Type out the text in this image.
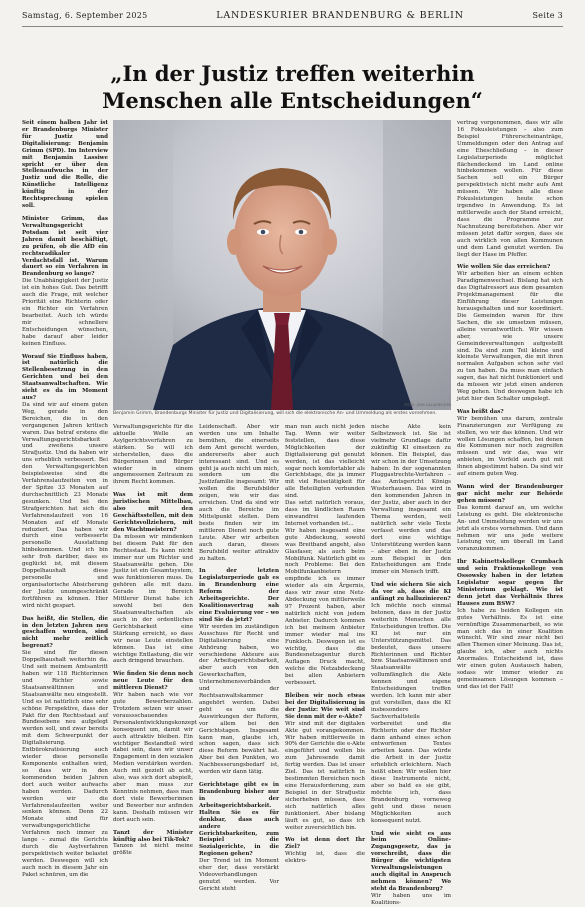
Samstag, 6. September 2025	LANDESKURIER BRANDENBURG & BERLIN	Seite 3
„In der Justiz treffen weiterhin
Menschen alle Entscheidungen“
FOTO: JENS KALAENE/DPA
Benjamin Grimm, Brandenburgs Minister für Justiz und Digitalisierung, will sich die elektronische An- und Ummeldung als erstes vornehmen.

Seit einem halben Jahr ist er Brandenburgs Minister für Justiz und Digitalisierung: Benjamin Grimm (SPD). Im Interview mit Benjamin Lassiwe spricht er über den Stellenaufwuchs in der Justiz und die Rolle, die Künstliche Intelligenz künftig in der Rechtsprechung spielen soll.

Minister Grimm, das Verwaltungsgericht Potsdam ist seit vier Jahren damit beschäftigt, zu prüfen, ob die AfD ein rechtsradikaler Verdachtsfall ist. Warum dauert so ein Verfahren in Brandenburg so lange?

Die Unabhängigkeit der Justiz ist ein hohes Gut. Das betrifft auch die Frage, mit welcher Priorität eine Richterin oder ein Richter ein Verfahren bearbeitet. Auch ich würde mir schnellere Entscheidungen wünschen, habe darauf aber leider keinen Einfluss.

Worauf Sie Einfluss haben, ist natürlich die Stellenbesetzung in den Gerichten und bei den Staatsanwaltschaften. Wie sieht es da im Moment aus?

Da sind wir auf einem guten Weg, gerade in den Bereichen, die in den vergangenen Jahren kritisch waren. Das betraf erstens die Verwaltungsgerichtsbarkeit und zweitens unsere Strafjustiz. Und da haben wir uns erheblich verbessert. Bei den Verwaltungsgerichten beispielsweise sind die Verfahrenslaufzeiten von in der Spitze 33 Monaten auf durchschnittlich 23 Monate gesunken. Und bei den Strafgerichten hat sich die Verfahrenslaufzeit von 16 Monaten auf elf Monate reduziert. Das haben wir durch eine verbesserte personelle Ausstattung hinbekommen. Und ich bin sehr froh darüber, dass es geglückt ist, mit diesem Doppelhaushalt diese personelle und organisatorische Absicherung der Justiz unumgeschränkt fortführen zu können. Hier wird nicht gespart.

Das heißt, die Stellen, die in den letzten Jahren neu geschaffen wurden, sind nicht mehr zeitlich begrenzt?

Sie sind für diesen Doppelhaushalt weiterhin da. Und seit meinem Amtsantritt haben wir 118 Richterinnen und Richter sowie Staatsanwältinnen und Staatsanwälte neu eingestellt. Und es ist natürlich eine sehr schöne Perspektive, dass der Pakt für den Rechtsstaat auf Bundesebene neu aufgelegt werden soll, und zwar bereits mit dem Schwerpunkt der Digitalisierung. Entbürokratisierung auch wieder diese personelle Komponente enthalten wird, so dass wir in den kommenden beiden Jahren dort auch weiter aufwachs haben werden. Dadurch werden wir die Verfahrenslaufzeiten weiter senken können. Denn 22 Monate sind für verwaltungsgerichtliche Verfahren noch immer zu lange – zumal die Gerichte durch die Asylverfahren perspektivisch weiter belastet werden. Deswegen will ich auch noch in diesem Jahr ein Paket schnüren, um die

vertrag vorgenommen, dass wir alle 16 Fokusleistungen – also zum Beispiel Führerscheinanträge, Ummeldungen oder den Antrag auf eine Eheschließung – in dieser Legislaturperiode möglichst flächendeckend im Land online hinbekommen wollen. Für diese Sachen soll ein Bürger perspektivisch nicht mehr aufs Amt müssen. Wir haben alle diese Fokusleistungen heute schon irgendwo in Anwendung. Es ist mittlerweile auch der Stand erreicht, dass die Programme zur Nachnutzung bereitstehen. Aber wir müssen jetzt dafür sorgen, dass sie auch wirklich von allen Kommunen und dem Land genutzt werden. Da liegt der Hase im Pfeffer.

Wie wollen Sie das erreichen?

Wir arbeiten hier an einem echten Paradigmenwechsel. Bislang hat sich das Digitalressort aus dem gesamten Projektmanagement für die Einführung dieser Leistungen herausgehalten und nur koordiniert. Die Gemeinden waren für ihre Sachen, die sie umsetzen müssen, alleine verantwortlich. Wir wissen aber, wie unsere Gemeindeverwaltungen aufgestellt sind. Da sind zum Teil kleine und kleinste Verwaltungen, die mit ihren normalen Aufgaben schon sehr viel zu tun haben. Da muss man einfach sagen, das hat nicht funktioniert und da müssen wir jetzt einen anderen Weg gehen. Und deswegen habe ich jetzt hier den Schalter umgelegt.

Was heißt das?

Wir bemühen uns darum, zentrale Finanzierungen zur Verfügung zu stellen, wo wir das können. Und wir wollen Lösungen schaffen, bei denen die Kommunen nur noch zugreifen müssen und wir das, was wir anbieten, im Vorfeld auch gut mit ihnen abgestimmt haben. Da sind wir auf einem guten Weg.

Wann wird der Brandenburger gar nicht mehr zur Behörde gehen müssen?

Das kommt darauf an, um welche Leistung es geht. Die elektronische An- und Ummeldung werden wir uns jetzt als erstes vornehmen. Und dann nehmen wir uns jede weitere Leistung vor, um überall im Land voranzukommen.

Ihr Kabinettskollege Crumbach und sein Fraktionskollege von Ossowsky haben in der letzten Legislatur sogar gegen Ihr Ministerium geklagt. Wie ist denn jetzt das Verhältnis Ihres Hauses zum BSW?

Ich habe zu beiden Kollegen ein gutes Verhältnis. Es ist eine vernünftige Zusammenarbeit, so wie man sich das in einer Koalition wünscht. Wir sind zwar nicht bei allen Themen einer Meinung. Das ist, glaube ich, aber auch nichts Anormales. Entscheidend ist, dass wir einen guten Austausch haben, sodass wir immer wieder zu gemeinsamen Lösungen kommen – und das ist der Fall!

Verwaltungsgerichte für die aktuelle Welle an Asylgerichtsverfahren zu stärken. So will ich sicherstellen, dass die Bürgerinnen und Bürger wieder in einem angemessenen Zeitraum zu ihrem Recht kommen.

Was ist mit dem juristischen Mittelbau, also mit den Geschäftsstellen, mit den Gerichtsvollziehern, mit den Wachtmeistern?

Da müssen wir mindenken bei diesem Pakt für den Rechtsstaat. Es kann nicht immer nur um Richter und Staatsanwälte gehen. Die Justiz ist ein Gesamtsystem, was funktionieren muss. Da gehören alle mit dazu. Gerade im Bereich Mittlerer Dienst habe ich sowohl bei den Staatsanwaltschaften als auch in der ordentlichen Gerichtsbarkeit eine Stärkung erreicht, so dass wir neue Leute einstellen können. Das ist eine wichtige Entlastung, die wir auch dringend brauchen.

Wie finden Sie denn noch neue Leute für den mittleren Dienst?

Wir haben nach wie vor gute Bewerberzahlen. Trotzdem setzen wir unser voraussschauendes Personalentwicklungskonzept konsequent um, damit wir auch attraktiv bleiben. Ein wichtiger Bestandteil wird dabei sein, dass wir unser Engagement in den sozialen Medien verstärken werden. Auch mit gezielt ab acht, also, was sich dort abspielt, aber man muss zur Kenntnis nehmen, dass man dort viele Bewerberinnen und Bewerber nur anfinden kann. Deshalb müssen wir dort auch sein.

Tanzt der Minister künftig also bei Tik-Tok?

Tanzen ist nicht meine größte

Leidenschaft. Aber wir werden uns um Inhalte bemühen, die einerseits dem Amt gerecht werden, andererseits aber auch interessant sind. Und es geht ja auch nicht um mich, sondern um die Justizfamilie insgesamt: Wir wollen die Berufsbilder zeigen, wie wir das erreichen. Und da sind wir auch die Bereiche im Mittelpunkt stellen. Dem beste finden wir im mittleren Dienst noch gute Leute. Aber wir arbeiten auch daran, dieses Berufsbild weiter attraktiv zu halten.

In der letzten Legislaturperiode gab es in Brandenburg eine Reform der Arbeitsgerichte. Der Koalitionsvertrag sah eine Evaluierung vor – wo sind Sie da jetzt?

Wir werden im zuständigen Ausschuss für Recht und Digitalisierung eine Anhörung haben, wo verschiedene Akteure aus der Arbeitsgerichtsbarkeit, aber auch von den Gewerkschaften, Unternehmensverbänden und der Rechtsanwaltskammer angehört werden. Dabei geht es um die Auswirkungen der Reform, vor allem bei den Gerichtstagen. Insgesamt kann man, glaube ich, schon sagen, dass sich diese Reform bewährt hat. Aber bei den Punkten, wo Nachbesserungsbedarf ist, werden wir dann tätig.

Gerichtstage gibt es in Brandenburg bisher nur in der Arbeitsgerichtsbarkeit. Halten Sie es für denkbar, dass auch andere Gerichtsbarkeiten, zum Beispiel die Sozialgerichte, in die Regionen gehen?

Der Trend ist im Moment eher der, dass verstärkt Videoverhandlungen genutzt werden. Vor Gericht steht

man nun auch nicht jeden Tag. Wenn wir weiter feststellen, dass diese Möglichkeiten der Digitalisierung gut genutzt werden, ist das vielleicht sogar noch komfortabler als Gerichtstage, die ja immer mit viel Reisetätigkeit für alle Beteiligten verbunden sind.

Das setzt natürlich voraus, dass im ländlichen Raum einwandfrei laufenden Internet vorhanden ist...

Wir haben insgesamt eine gute Abdeckung, sowohl was Breitband angeht, also Glasfaser, als auch beim Mobilfunk. Natürlich gibt es noch Probleme: Bei den Mobilfunkanbietern empfinde ich es immer wieder als ein Ärgernis, dass wir zwar eine Netz-Abdeckung von mittlerweile 97 Prozent haben, aber natürlich nicht von jedem Anbieter. Dadurch kommen ich bei meinem Anbieter immer wieder mal ins Funkloch. Deswegen ist es wichtig, dass die Bundesnetzagentur durch Auflagen Druck macht, welche die Netzabdeckung bei allen Anbietern verbessert.

Bleiben wir noch etwas bei der Digitalisierung in der Justiz: Wie weit sind Sie denn mit der e-Akte?

Wir sind mit der digitalen Akte gut vorangekommen. Wir haben mittlerweile in 90% der Gerichte die e-Akte eingeführt und wollen bis zum Jahresende damit fertig werden. Das ist unser Ziel. Das ist natürlich in bestimmten Bereichen noch eine Herausforderung, zum Beispiel in der Strafjustiz sicherheben müssen, dass sich natürlich alles funktioniert. Aber bislang läuft es gut, so dass ich weiter zuversichtlich bin.

Wo ist denn dort Ihr Ziel?

Wichtig ist, dass die elektro-

nische Akte kein Selbstzweck ist. Sie ist vielmehr Grundlage dafür zukünftig KI einsetzen zu können. Ein Beispiel, das wir schon in der Umsetzung haben: In der sogenannten Fluggastrechte-Verfahren – das Amtsgericht Königs Wusterhausen. Das wird in den kommenden Jahren in der Justiz, aber auch in der Verwaltung insgesamt ein Thema werden, weil natürlich sehr viele Texte verfasst werden und das dort eine wichtige Unterstützung werden kann – aber eben in der Justiz zum Beispiel in den Entscheidungen am Ende immer ein Mensch trifft.

Und wie sichern Sie sich da vor ab, dass die KI anfängt zu halluzinieren?

Ich möchte noch einmal betonen, dass in der Justiz weiterhin Menschen alle Entscheidungen treffen. Die KI ist nur ein Unterstützungsmittel. Das bedeutet, dass unsere Richterinnen und Richter bzw. Staatsanwältinnen und Staatsanwälte vollumfänglich die Akte kennen und eigene Entscheidungen treffen werden. Ich kann mir aber gut vorstellen, dass die KI insbesondere Sachverhaltsteile vorbereitet und die Richterin oder der Richter dann anhand eines schon entworfenen Textes arbeiten kann. Das würde die Arbeit in der Justiz erheblich erleichtern. Nach heißt eben: Wir wollen hier diese Instrumente nicht, aber so bald es sie gibt, möchte ich, dass Brandenburg vorneweg geht und diese neuen Möglichkeiten auch konsequent nutzt.

Und wie sieht es aus beim Online-Zugangsgesetz, das ja vorschreibt, dass die Bürger die wichtigsten Verwaltungsleistungen auch digital in Anspruch nehmen können? Wo steht da Brandenburg?

Wir haben uns im Koalitions-
